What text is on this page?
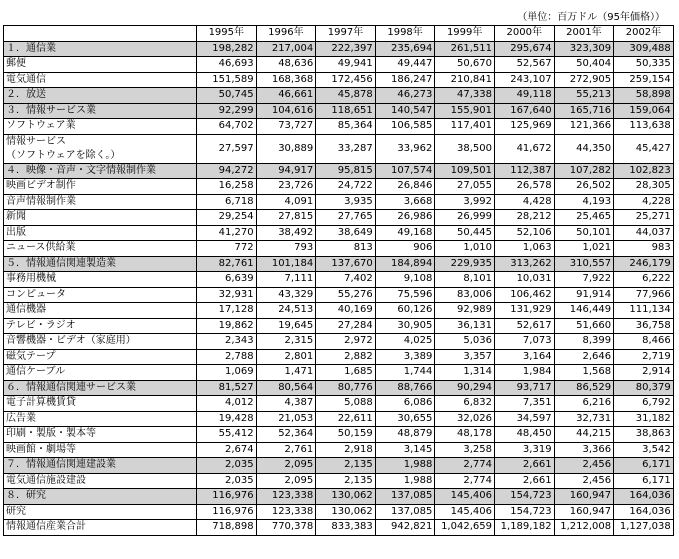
（単位：百万ドル（95年価格））
	1995年	1996年	1997年	1998年	1999年	2000年	2001年	2002年
１．通信業	198,282	217,004	222,397	235,694	261,511	295,674	323,309	309,488
郵便	46,693	48,636	49,941	49,447	50,670	52,567	50,404	50,335
電気通信	151,589	168,368	172,456	186,247	210,841	243,107	272,905	259,154
２．放送	50,745	46,661	45,878	46,273	47,338	49,118	55,213	58,898
３．情報サービス業	92,299	104,616	118,651	140,547	155,901	167,640	165,716	159,064
ソフトウェア業	64,702	73,727	85,364	106,585	117,401	125,969	121,366	113,638
情報サービス
（ソフトウェアを除く。）	27,597	30,889	33,287	33,962	38,500	41,672	44,350	45,427
４．映像・音声・文字情報制作業	94,272	94,917	95,815	107,574	109,501	112,387	107,282	102,823
映画ビデオ制作	16,258	23,726	24,722	26,846	27,055	26,578	26,502	28,305
音声情報制作業	6,718	4,091	3,935	3,668	3,992	4,428	4,193	4,228
新聞	29,254	27,815	27,765	26,986	26,999	28,212	25,465	25,271
出版	41,270	38,492	38,649	49,168	50,445	52,106	50,101	44,037
ニュース供給業	772	793	813	906	1,010	1,063	1,021	983
５．情報通信関連製造業	82,761	101,184	137,670	184,894	229,935	313,262	310,557	246,179
事務用機械	6,639	7,111	7,402	9,108	8,101	10,031	7,922	6,222
コンピュータ	32,931	43,329	55,276	75,596	83,006	106,462	91,914	77,966
通信機器	17,128	24,513	40,169	60,126	92,989	131,929	146,449	111,134
テレビ・ラジオ	19,862	19,645	27,284	30,905	36,131	52,617	51,660	36,758
音響機器・ビデオ（家庭用）	2,343	2,315	2,972	4,025	5,036	7,073	8,399	8,466
磁気テープ	2,788	2,801	2,882	3,389	3,357	3,164	2,646	2,719
通信ケーブル	1,069	1,471	1,685	1,744	1,314	1,984	1,568	2,914
６．情報通信関連サービス業	81,527	80,564	80,776	88,766	90,294	93,717	86,529	80,379
電子計算機賃貸	4,012	4,387	5,088	6,086	6,832	7,351	6,216	6,792
広告業	19,428	21,053	22,611	30,655	32,026	34,597	32,731	31,182
印刷・製版・製本等	55,412	52,364	50,159	48,879	48,178	48,450	44,215	38,863
映画館・劇場等	2,674	2,761	2,918	3,145	3,258	3,319	3,366	3,542
７．情報通信関連建設業	2,035	2,095	2,135	1,988	2,774	2,661	2,456	6,171
電気通信施設建設	2,035	2,095	2,135	1,988	2,774	2,661	2,456	6,171
８．研究	116,976	123,338	130,062	137,085	145,406	154,723	160,947	164,036
研究	116,976	123,338	130,062	137,085	145,406	154,723	160,947	164,036
情報通信産業合計	718,898	770,378	833,383	942,821	1,042,659	1,189,182	1,212,008	1,127,038
